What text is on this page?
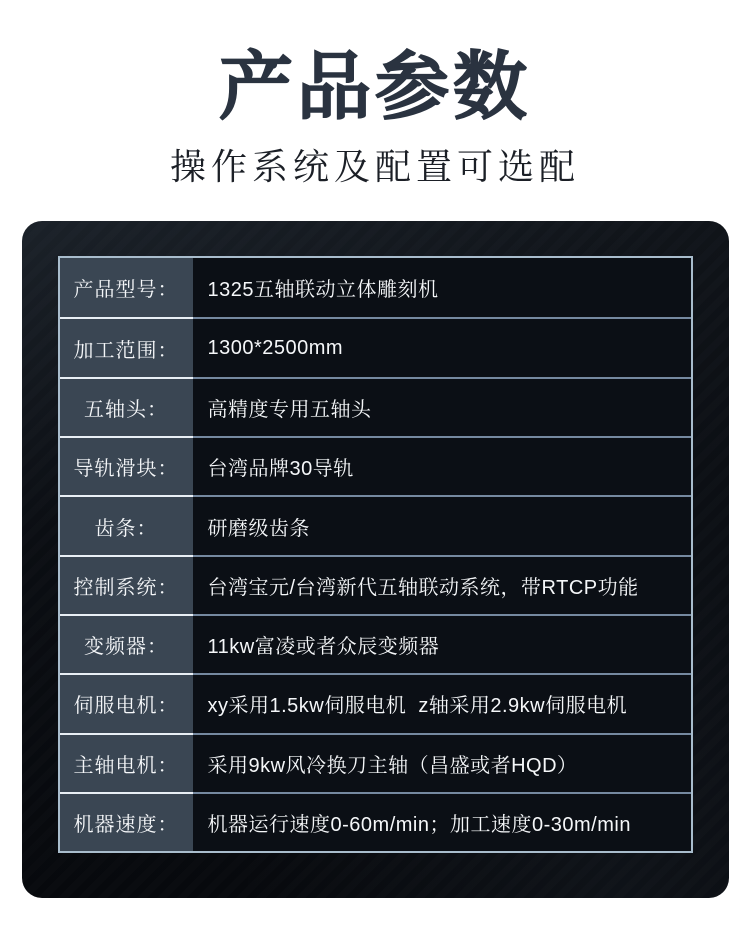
产品参数
操作系统及配置可选配
产品型号：	1325五轴联动立体雕刻机
加工范围：	1300*2500mm
五轴头：	高精度专用五轴头
导轨滑块：	台湾品牌30导轨
齿条：	研磨级齿条
控制系统：	台湾宝元/台湾新代五轴联动系统，带RTCP功能
变频器：	11kw富凌或者众辰变频器
伺服电机：	xy采用1.5kw伺服电机  z轴采用2.9kw伺服电机
主轴电机：	采用9kw风冷换刀主轴（昌盛或者HQD）
机器速度：	机器运行速度0-60m/min；加工速度0-30m/min
